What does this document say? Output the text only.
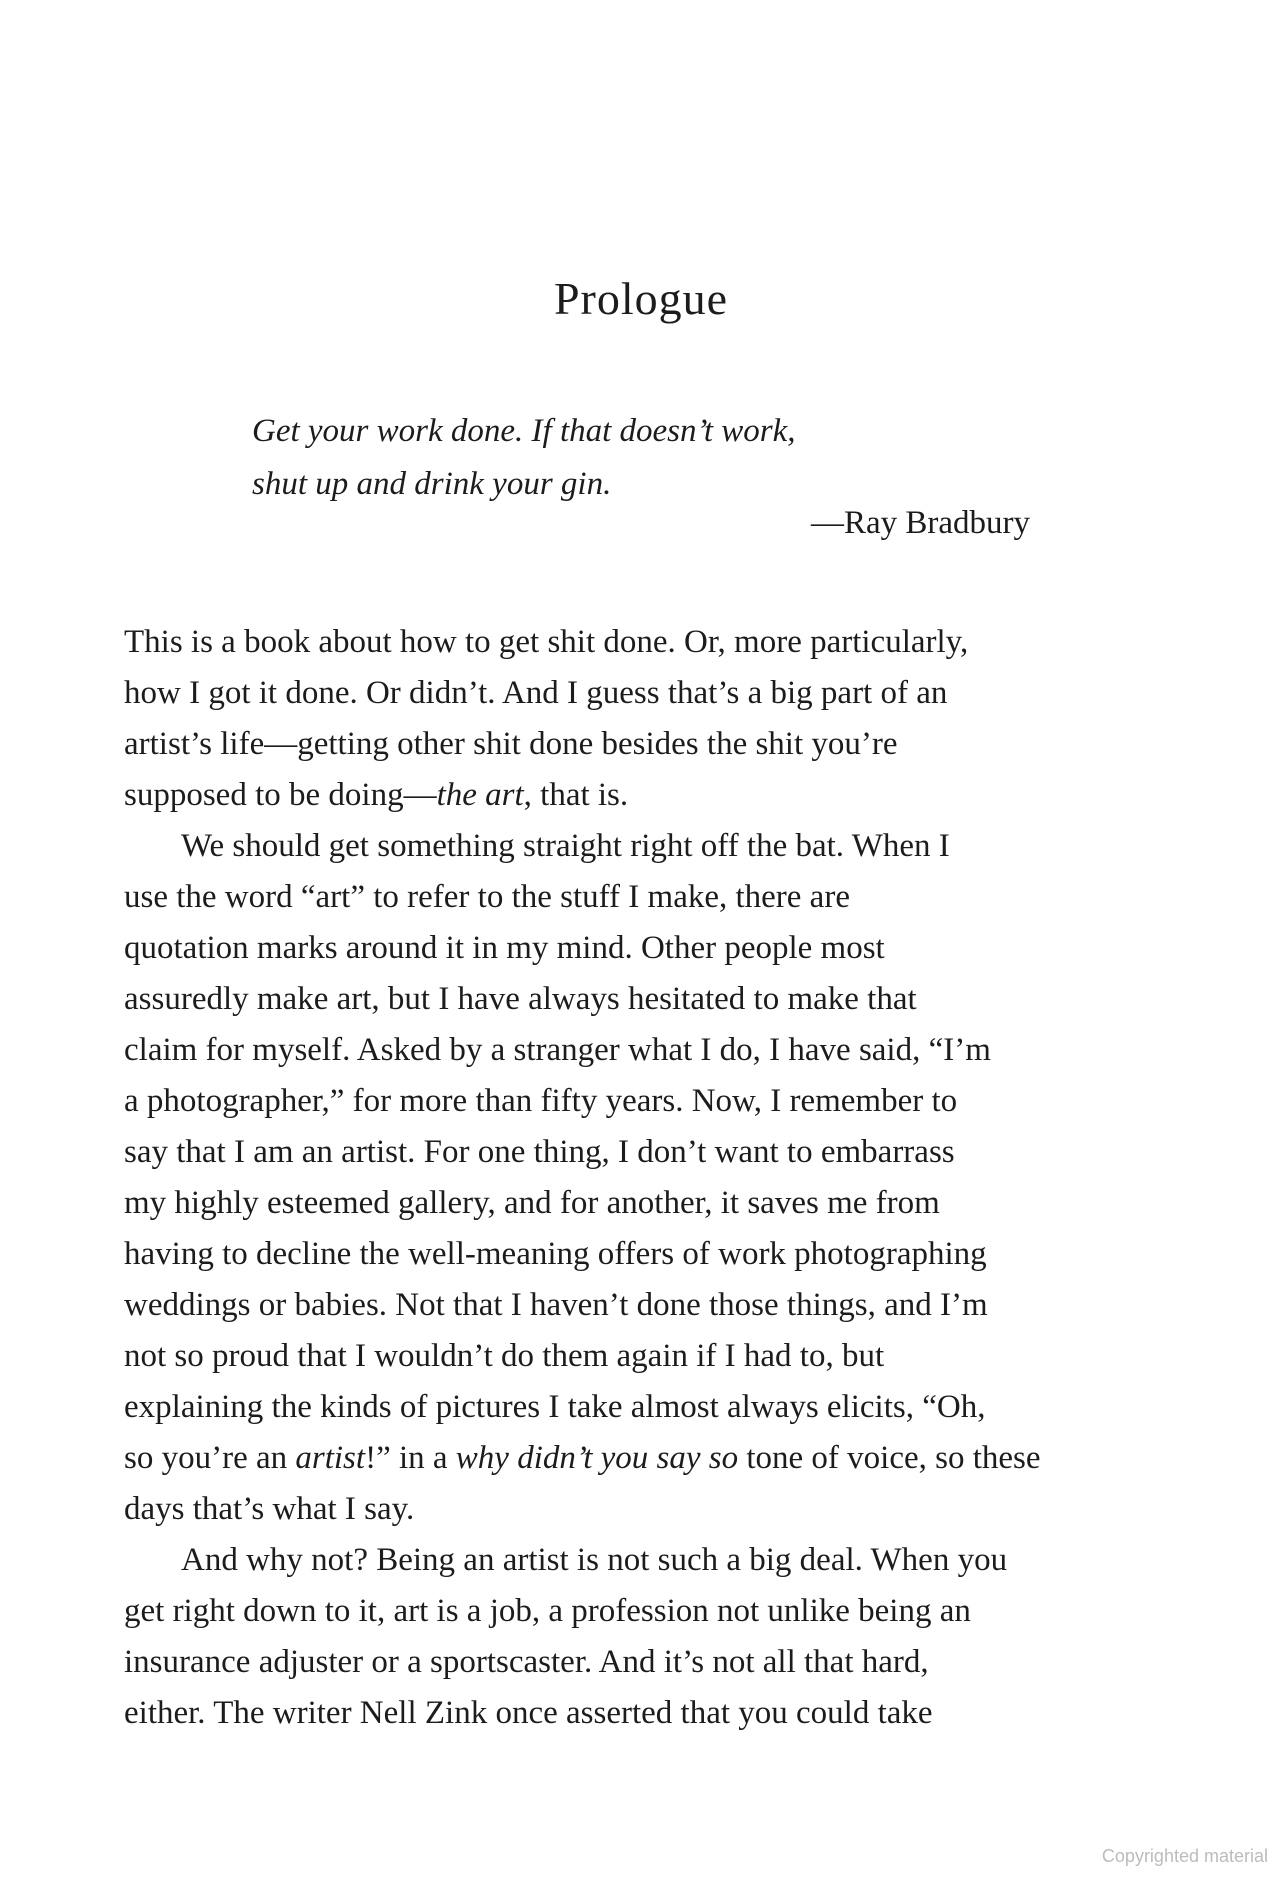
Prologue
Get your work done. If that doesn’t work,
shut up and drink your gin.
—Ray Bradbury
This is a book about how to get shit done. Or, more particularly,
how I got it done. Or didn’t. And I guess that’s a big part of an
artist’s life—getting other shit done besides the shit you’re
supposed to be doing—the art, that is.
We should get something straight right off the bat. When I
use the word “art” to refer to the stuff I make, there are
quotation marks around it in my mind. Other people most
assuredly make art, but I have always hesitated to make that
claim for myself. Asked by a stranger what I do, I have said, “I’m
a photographer,” for more than fifty years. Now, I remember to
say that I am an artist. For one thing, I don’t want to embarrass
my highly esteemed gallery, and for another, it saves me from
having to decline the well-meaning offers of work photographing
weddings or babies. Not that I haven’t done those things, and I’m
not so proud that I wouldn’t do them again if I had to, but
explaining the kinds of pictures I take almost always elicits, “Oh,
so you’re an artist!” in a why didn’t you say so tone of voice, so these
days that’s what I say.
And why not? Being an artist is not such a big deal. When you
get right down to it, art is a job, a profession not unlike being an
insurance adjuster or a sportscaster. And it’s not all that hard,
either. The writer Nell Zink once asserted that you could take
Copyrighted material
